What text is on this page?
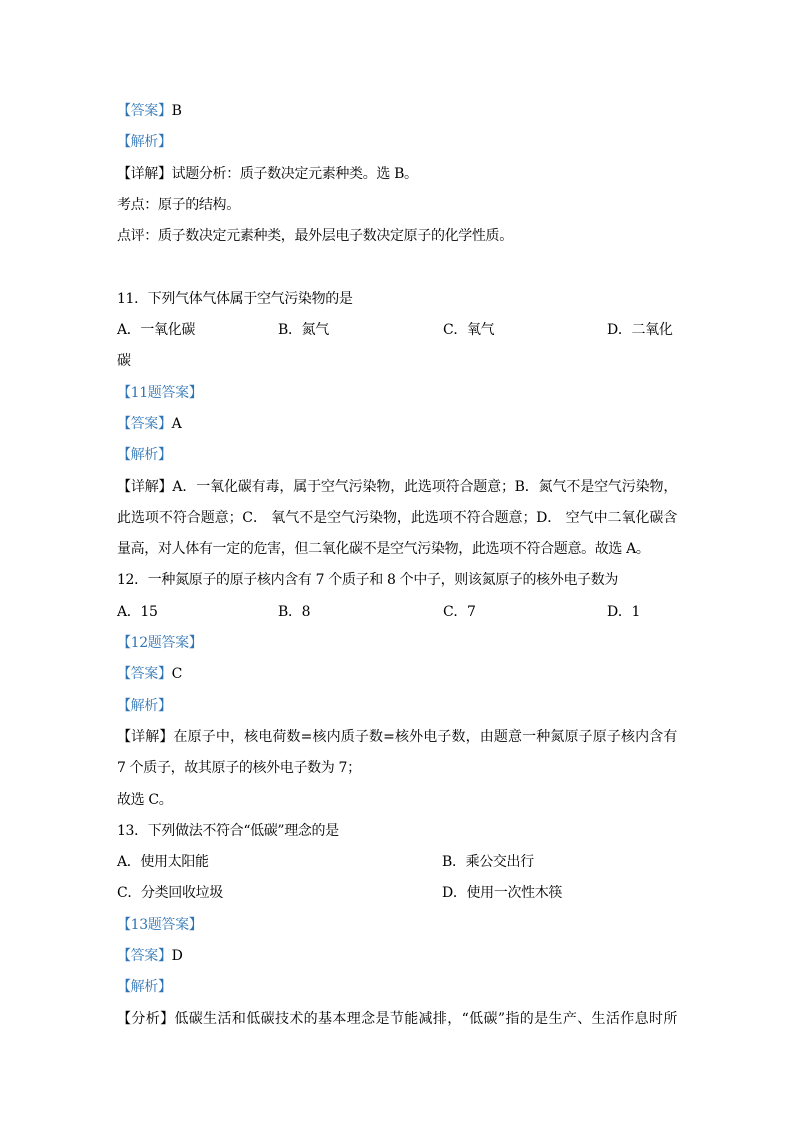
【答案】B
【解析】
【详解】试题分析：质子数决定元素种类。选 B。
考点：原子的结构。
点评：质子数决定元素种类，最外层电子数决定原子的化学性质。
11．下列气体气体属于空气污染物的是
A．一氧化碳	B．氮气	C．氧气	D．二氧化
碳
【11题答案】
【答案】A
【解析】
【详解】A．一氧化碳有毒，属于空气污染物，此选项符合题意；B．氮气不是空气污染物，
此选项不符合题意；C． 氧气不是空气污染物，此选项不符合题意；D． 空气中二氧化碳含
量高，对人体有一定的危害，但二氧化碳不是空气污染物，此选项不符合题意。故选 A。
12．一种氮原子的原子核内含有 7 个质子和 8 个中子，则该氮原子的核外电子数为
A．15	B．8	C．7	D．1
【12题答案】
【答案】C
【解析】
【详解】在原子中，核电荷数=核内质子数=核外电子数，由题意一种氮原子原子核内含有
7 个质子，故其原子的核外电子数为 7；
故选 C。
13．下列做法不符合“低碳”理念的是
A．使用太阳能	B．乘公交出行
C．分类回收垃圾	D．使用一次性木筷
【13题答案】
【答案】D
【解析】
【分析】低碳生活和低碳技术的基本理念是节能减排，“低碳”指的是生产、生活作息时所
